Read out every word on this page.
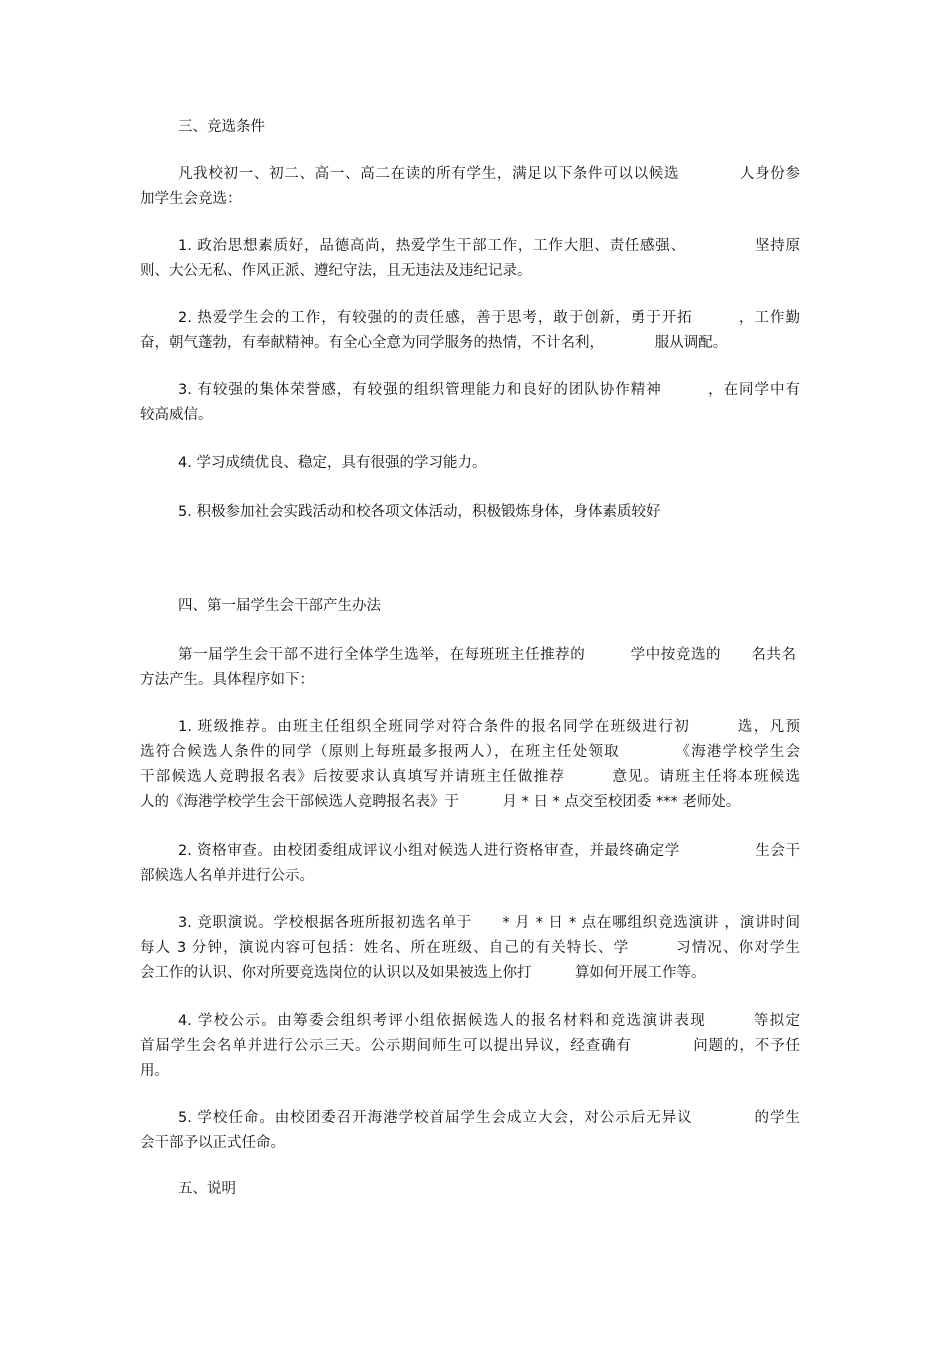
三、竞选条件
凡我校初一、初二、高一、高二在读的所有学生，满足以下条件可以以候选　　　　人身份参
加学生会竞选：
1. 政治思想素质好，品德高尚，热爱学生干部工作，工作大胆、责任感强、　　　　　坚持原
则、大公无私、作风正派、遵纪守法，且无违法及违纪记录。
2. 热爱学生会的工作，有较强的的责任感，善于思考，敢于创新，勇于开拓　　　，工作勤
奋，朝气蓬勃，有奉献精神。有全心全意为同学服务的热情，不计名利，　　　　服从调配。
3. 有较强的集体荣誉感，有较强的组织管理能力和良好的团队协作精神　　　，在同学中有
较高威信。
4. 学习成绩优良、稳定，具有很强的学习能力。
5. 积极参加社会实践活动和校各项文体活动，积极锻炼身体，身体素质较好
四、第一届学生会干部产生办法
第一届学生会干部不进行全体学生选举，在每班班主任推荐的　　　学中按竞选的　　名共名
方法产生。具体程序如下：
1. 班级推荐。由班主任组织全班同学对符合条件的报名同学在班级进行初　　　选，凡预
选符合候选人条件的同学（原则上每班最多报两人），在班主任处领取　　　　《海港学校学生会
干部候选人竞聘报名表》后按要求认真填写并请班主任做推荐　　　意见。请班主任将本班候选
人的《海港学校学生会干部候选人竞聘报名表》于　　　月 * 日 * 点交至校团委 *** 老师处。
2. 资格审查。由校团委组成评议小组对候选人进行资格审查，并最终确定学　　　　　生会干
部候选人名单并进行公示。
3. 竞职演说。学校根据各班所报初选名单于　　* 月 * 日 * 点在哪组织竞选演讲 ，演讲时间
每人 3 分钟，演说内容可包括：姓名、所在班级、自己的有关特长、学　　　习情况、你对学生
会工作的认识、你对所要竞选岗位的认识以及如果被选上你打　　　算如何开展工作等。
4. 学校公示。由筹委会组织考评小组依据候选人的报名材料和竞选演讲表现　　　等拟定
首届学生会名单并进行公示三天。公示期间师生可以提出异议，经查确有　　　　问题的，不予任
用。
5. 学校任命。由校团委召开海港学校首届学生会成立大会，对公示后无异议　　　　的学生
会干部予以正式任命。
五、说明
